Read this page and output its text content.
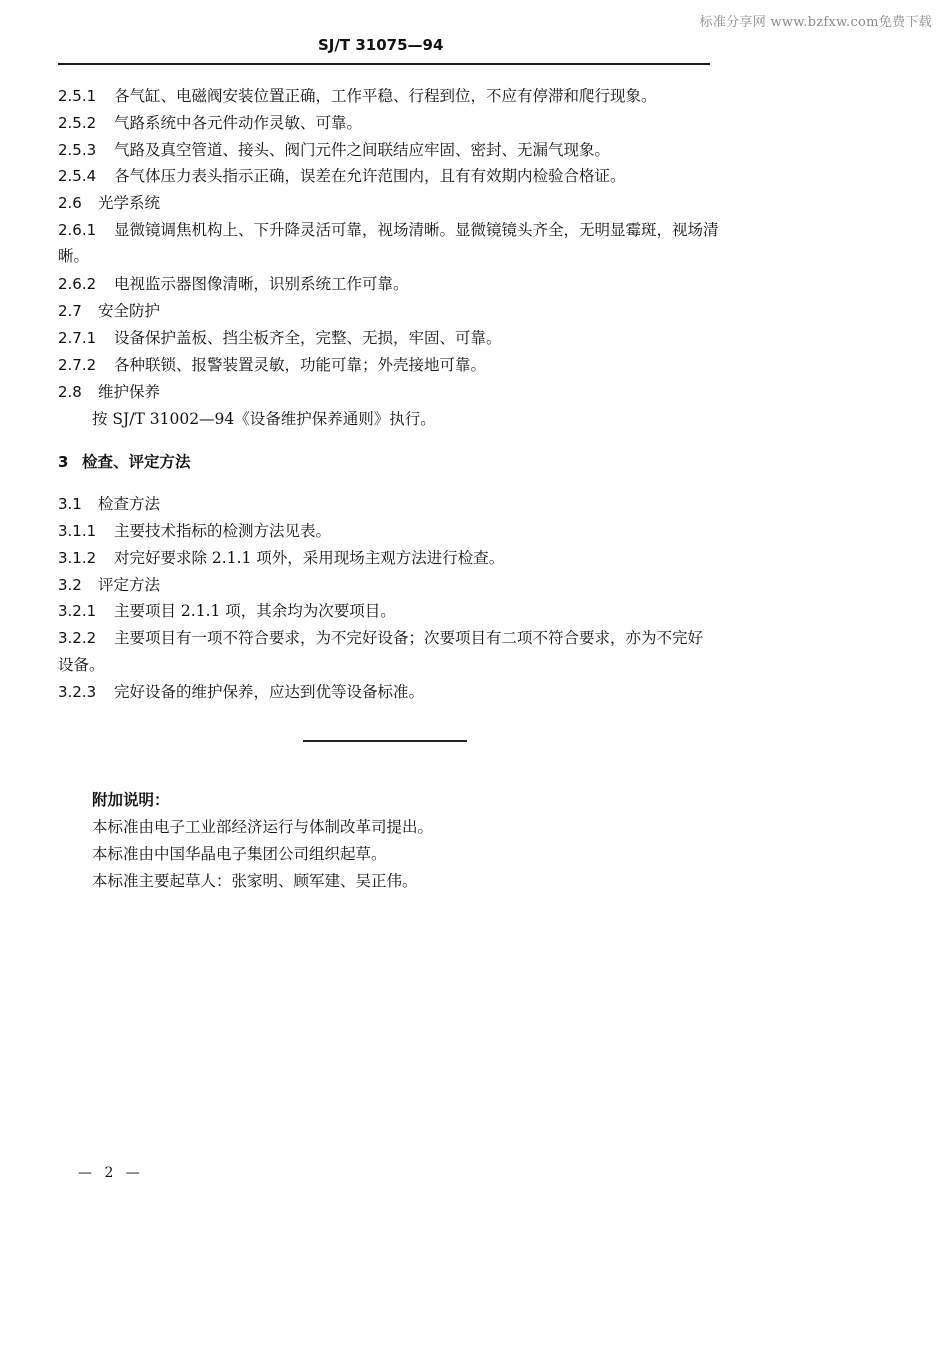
标准分享网 www.bzfxw.com免费下载
SJ/T 31075—94
2.5.1 各气缸、电磁阀安装位置正确，工作平稳、行程到位，不应有停滞和爬行现象。
2.5.2 气路系统中各元件动作灵敏、可靠。
2.5.3 气路及真空管道、接头、阀门元件之间联结应牢固、密封、无漏气现象。
2.5.4 各气体压力表头指示正确，误差在允许范围内，且有有效期内检验合格证。
2.6 光学系统
2.6.1 显微镜调焦机构上、下升降灵活可靠，视场清晰。显微镜镜头齐全，无明显霉斑，视场清
晰。
2.6.2 电视监示器图像清晰，识别系统工作可靠。
2.7 安全防护
2.7.1 设备保护盖板、挡尘板齐全，完整、无损，牢固、可靠。
2.7.2 各种联锁、报警装置灵敏，功能可靠；外壳接地可靠。
2.8 维护保养
按 SJ/T 31002—94《设备维护保养通则》执行。
3 检查、评定方法
3.1 检查方法
3.1.1 主要技术指标的检测方法见表。
3.1.2 对完好要求除 2.1.1 项外，采用现场主观方法进行检查。
3.2 评定方法
3.2.1 主要项目 2.1.1 项，其余均为次要项目。
3.2.2 主要项目有一项不符合要求，为不完好设备；次要项目有二项不符合要求，亦为不完好
设备。
3.2.3 完好设备的维护保养，应达到优等设备标准。
附加说明：
本标准由电子工业部经济运行与体制改革司提出。
本标准由中国华晶电子集团公司组织起草。
本标准主要起草人：张家明、顾军建、吴正伟。
— 2 —
